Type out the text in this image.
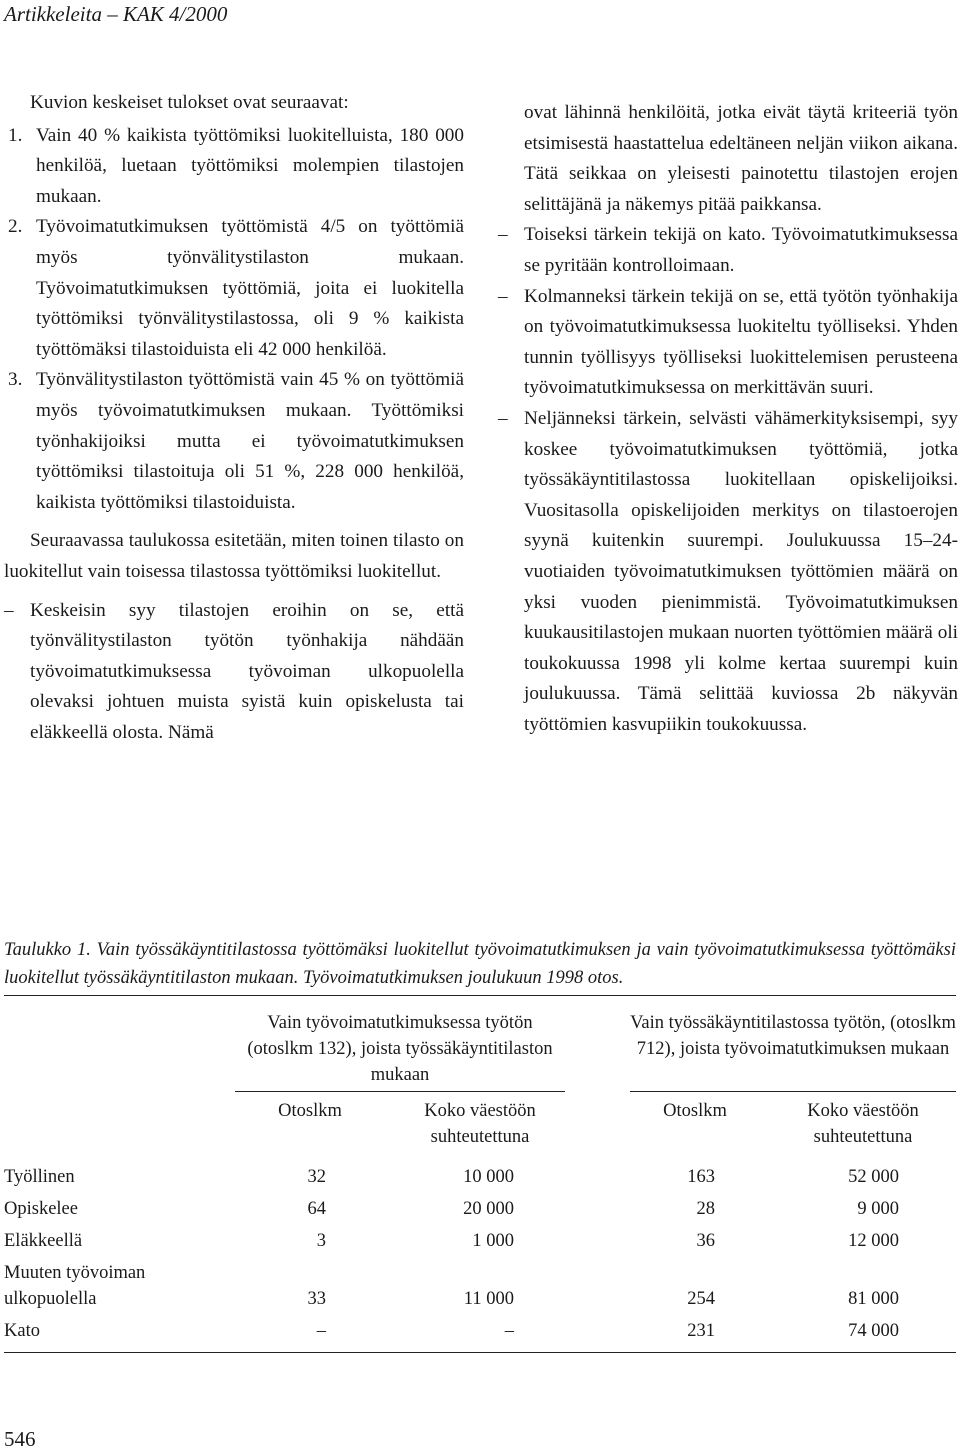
Artikkeleita – KAK 4/2000

Kuvion keskeiset tulokset ovat seuraavat:

1. Vain 40 % kaikista työttömiksi luokitelluista, 180 000 henkilöä, luetaan työttömiksi molempien tilastojen mukaan.
2. Työvoimatutkimuksen työttömistä 4/5 on työttömiä myös työnvälitystilaston mukaan. Työvoimatutkimuksen työttömiä, joita ei luokitella työttömiksi työnvälitystilastossa, oli 9 % kaikista työttömäksi tilastoiduista eli 42 000 henkilöä.
3. Työnvälitystilaston työttömistä vain 45 % on työttömiä myös työvoimatutkimuksen mukaan. Työttömiksi työnhakijoiksi mutta ei työvoimatutkimuksen työttömiksi tilastoituja oli 51 %, 228 000 henkilöä, kaikista työttömiksi tilastoiduista.

Seuraavassa taulukossa esitetään, miten toinen tilasto on luokitellut vain toisessa tilastossa työttömiksi luokitellut.

– Keskeisin syy tilastojen eroihin on se, että työnvälitystilaston työtön työnhakija nähdään työvoimatutkimuksessa työvoiman ulkopuolella olevaksi johtuen muista syistä kuin opiskelusta tai eläkkeellä olosta. Nämä

ovat lähinnä henkilöitä, jotka eivät täytä kriteeriä työn etsimisestä haastattelua edeltäneen neljän viikon aikana. Tätä seikkaa on yleisesti painotettu tilastojen erojen selittäjänä ja näkemys pitää paikkansa.

– Toiseksi tärkein tekijä on kato. Työvoimatutkimuksessa se pyritään kontrolloimaan.
– Kolmanneksi tärkein tekijä on se, että työtön työnhakija on työvoimatutkimuksessa luokiteltu työlliseksi. Yhden tunnin työllisyys työlliseksi luokittelemisen perusteena työvoimatutkimuksessa on merkittävän suuri.
– Neljänneksi tärkein, selvästi vähämerkityksisempi, syy koskee työvoimatutkimuksen työttömiä, jotka työssäkäyntitilastossa luokitellaan opiskelijoiksi. Vuositasolla opiskelijoiden merkitys on tilastoerojen syynä kuitenkin suurempi. Joulukuussa 15–24-vuotiaiden työvoimatutkimuksen työttömien määrä on yksi vuoden pienimmistä. Työvoimatutkimuksen kuukausitilastojen mukaan nuorten työttömien määrä oli toukokuussa 1998 yli kolme kertaa suurempi kuin joulukuussa. Tämä selittää kuviossa 2b näkyvän työttömien kasvupiikin toukokuussa.
Taulukko 1. Vain työssäkäyntitilastossa työttömäksi luokitellut työvoimatutkimuksen ja vain työvoimatutkimuksessa työttömäksi luokitellut työssäkäyntitilaston mukaan. Työvoimatutkimuksen joulukuun 1998 otos.
Vain työvoimatutkimuksessa työtön (otoslkm 132), joista työssäkäyntitilaston mukaan
Vain työssäkäyntitilastossa työtön, (otoslkm 712), joista työvoimatutkimuksen mukaan
Otoslkm	Koko väestöön suhteutettuna
Otoslkm	Koko väestöön suhteutettuna
Työllinen	32	10 000	163	52 000
Opiskelee	64	20 000	28	9 000
Eläkkeellä	3	1 000	36	12 000
Muuten työvoiman ulkopuolella	33	11 000	254	81 000
Kato	–	–	231	74 000
546
